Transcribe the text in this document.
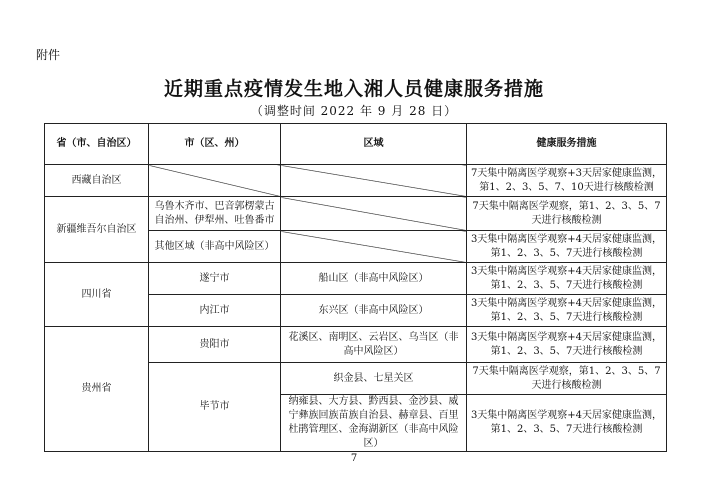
附件
近期重点疫情发生地入湘人员健康服务措施
（调整时间 2022 年 9 月 28 日）
省（市、自治区）	市（区、州）	区域	健康服务措施
西藏自治区			7天集中隔离医学观察+3天居家健康监测，第1、2、3、5、7、10天进行核酸检测
新疆维吾尔自治区	乌鲁木齐市、巴音郭楞蒙古自治州、伊犁州、吐鲁番市		7天集中隔离医学观察，第1、2、3、5、7天进行核酸检测
	其他区域（非高中风险区）		3天集中隔离医学观察+4天居家健康监测，第1、2、3、5、7天进行核酸检测
四川省	遂宁市	船山区（非高中风险区）	3天集中隔离医学观察+4天居家健康监测，第1、2、3、5、7天进行核酸检测
	内江市	东兴区（非高中风险区）	3天集中隔离医学观察+4天居家健康监测，第1、2、3、5、7天进行核酸检测
贵州省	贵阳市	花溪区、南明区、云岩区、乌当区（非高中风险区）	3天集中隔离医学观察+4天居家健康监测，第1、2、3、5、7天进行核酸检测
	毕节市	织金县、七星关区	7天集中隔离医学观察，第1、2、3、5、7天进行核酸检测
		纳雍县、大方县、黔西县、金沙县、威宁彝族回族苗族自治县、赫章县、百里杜鹃管理区、金海湖新区（非高中风险区）	3天集中隔离医学观察+4天居家健康监测，第1、2、3、5、7天进行核酸检测
7
